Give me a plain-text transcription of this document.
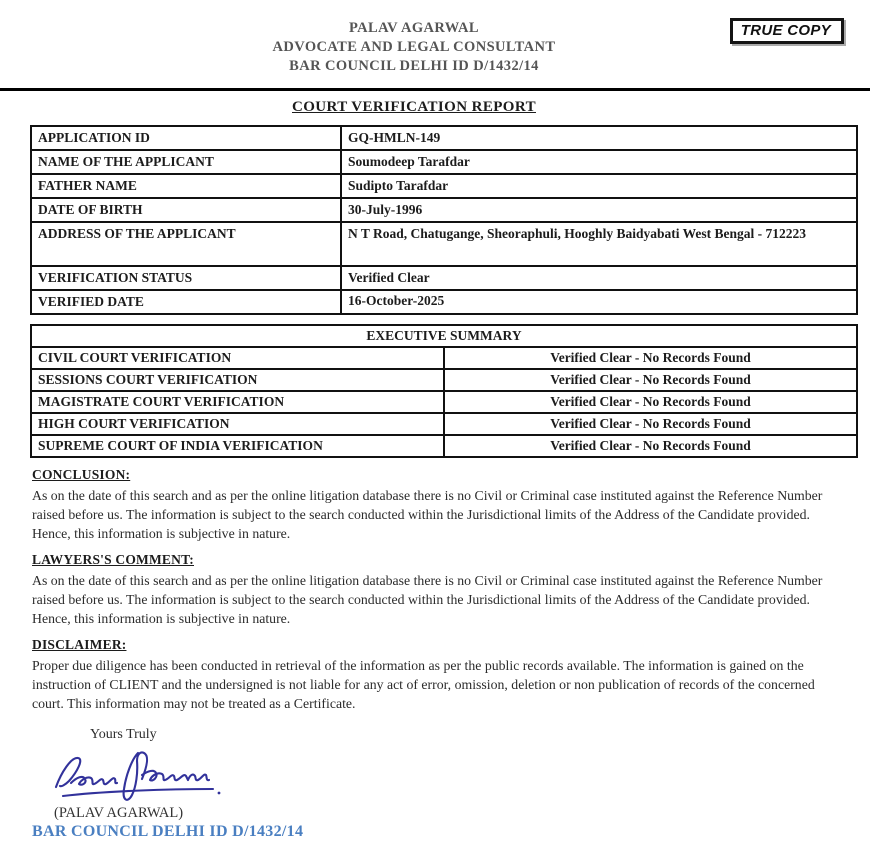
TRUE COPY
PALAV AGARWAL
ADVOCATE AND LEGAL CONSULTANT
BAR COUNCIL DELHI ID D/1432/14
COURT VERIFICATION REPORT
APPLICATION ID	GQ-HMLN-149
NAME OF THE APPLICANT	Soumodeep Tarafdar
FATHER NAME	Sudipto Tarafdar
DATE OF BIRTH	30-July-1996
ADDRESS OF THE APPLICANT	N T Road, Chatugange, Sheoraphuli, Hooghly Baidyabati West Bengal - 712223
VERIFICATION STATUS	Verified Clear
VERIFIED DATE	16-October-2025
EXECUTIVE SUMMARY	
CIVIL COURT VERIFICATION	Verified Clear - No Records Found
SESSIONS COURT VERIFICATION	Verified Clear - No Records Found
MAGISTRATE COURT VERIFICATION	Verified Clear - No Records Found
HIGH COURT VERIFICATION	Verified Clear - No Records Found
SUPREME COURT OF INDIA VERIFICATION	Verified Clear - No Records Found
CONCLUSION:

As on the date of this search and as per the online litigation database there is no Civil or Criminal case instituted against the Reference Number raised before us. The information is subject to the search conducted within the Jurisdictional limits of the Address of the Candidate provided. Hence, this information is subjective in nature.

LAWYERS'S COMMENT:

As on the date of this search and as per the online litigation database there is no Civil or Criminal case instituted against the Reference Number raised before us. The information is subject to the search conducted within the Jurisdictional limits of the Address of the Candidate provided. Hence, this information is subjective in nature.

DISCLAIMER:

Proper due diligence has been conducted in retrieval of the information as per the public records available. The information is gained on the instruction of CLIENT and the undersigned is not liable for any act of error, omission, deletion or non publication of records of the concerned court. This information may not be treated as a Certificate.

Yours Truly
(PALAV AGARWAL)
BAR COUNCIL DELHI ID D/1432/14
